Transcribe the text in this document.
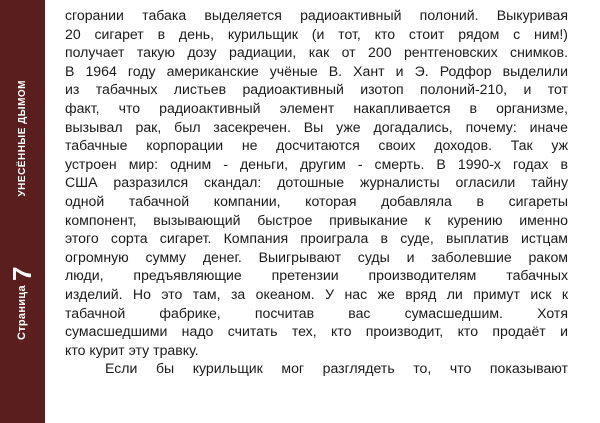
Страница
7
УНЕСЁННЫЕ ДЫМОМ
сгорании табака выделяется радиоактивный полоний. Выкуривая
20 сигарет в день, курильщик (и тот, кто стоит рядом с ним!)
получает такую дозу радиации, как от 200 рентгеновских снимков.
В 1964 году американские учёные В. Хант и Э. Родфор выделили
из табачных листьев радиоактивный изотоп полоний-210, и тот
факт, что радиоактивный элемент накапливается в организме,
вызывал рак, был засекречен. Вы уже догадались, почему: иначе
табачные корпорации не досчитаются своих доходов. Так уж
устроен мир: одним - деньги, другим - смерть. В 1990-х годах в
США разразился скандал: дотошные журналисты огласили тайну
одной табачной компании, которая добавляла в сигареты
компонент, вызывающий быстрое привыкание к курению именно
этого сорта сигарет. Компания проиграла в суде, выплатив истцам
огромную сумму денег. Выигрывают суды и заболевшие раком
люди, предъявляющие претензии производителям табачных
изделий. Но это там, за океаном. У нас же вряд ли примут иск к
табачной фабрике, посчитав вас сумасшедшим. Хотя
сумасшедшими надо считать тех, кто производит, кто продаёт и
кто курит эту травку.
Если бы курильщик мог разглядеть то, что показывают
